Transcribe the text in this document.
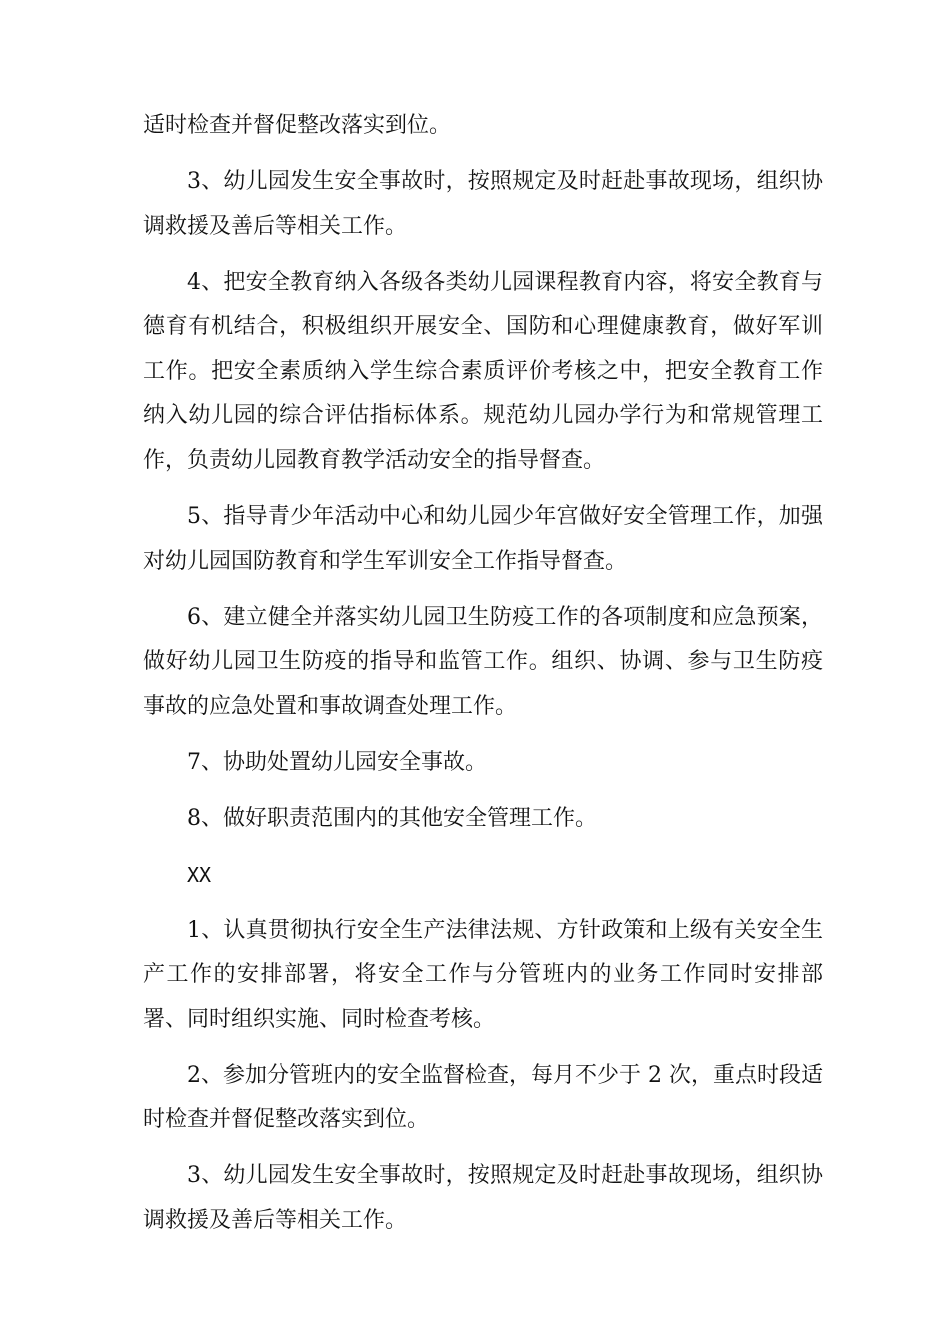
适时检查并督促整改落实到位。

3、幼儿园发生安全事故时，按照规定及时赶赴事故现场，组织协调救援及善后等相关工作。

4、把安全教育纳入各级各类幼儿园课程教育内容，将安全教育与德育有机结合，积极组织开展安全、国防和心理健康教育，做好军训工作。把安全素质纳入学生综合素质评价考核之中，把安全教育工作纳入幼儿园的综合评估指标体系。规范幼儿园办学行为和常规管理工作，负责幼儿园教育教学活动安全的指导督查。

5、指导青少年活动中心和幼儿园少年宫做好安全管理工作，加强对幼儿园国防教育和学生军训安全工作指导督查。

6、建立健全并落实幼儿园卫生防疫工作的各项制度和应急预案，做好幼儿园卫生防疫的指导和监管工作。组织、协调、参与卫生防疫事故的应急处置和事故调查处理工作。

7、协助处置幼儿园安全事故。

8、做好职责范围内的其他安全管理工作。

XX

1、认真贯彻执行安全生产法律法规、方针政策和上级有关安全生产工作的安排部署，将安全工作与分管班内的业务工作同时安排部署、同时组织实施、同时检查考核。

2、参加分管班内的安全监督检查，每月不少于 2 次，重点时段适时检查并督促整改落实到位。

3、幼儿园发生安全事故时，按照规定及时赶赴事故现场，组织协调救援及善后等相关工作。
